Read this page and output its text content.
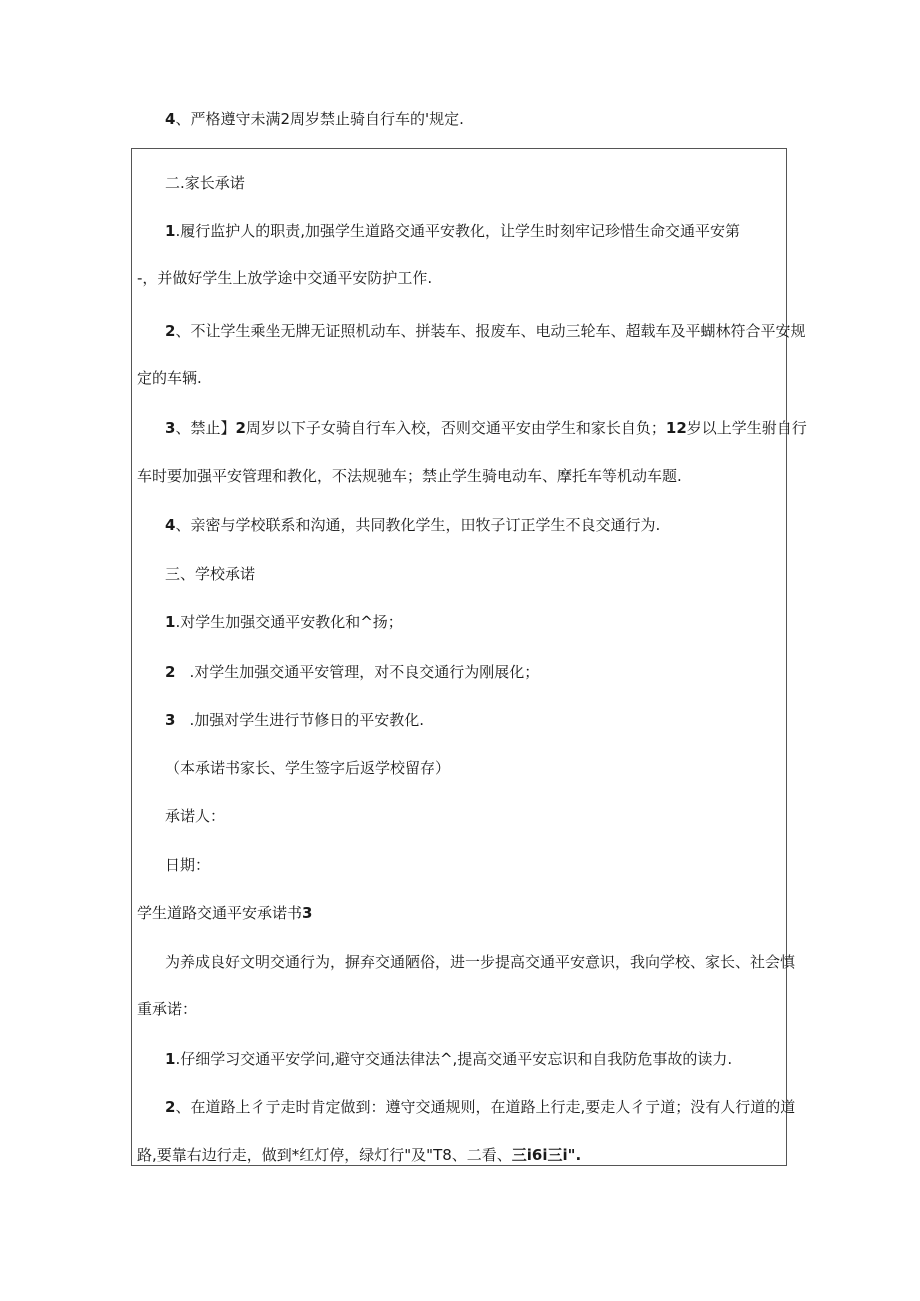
4、严格遵守未满2周岁禁止骑自行车的'规定.
二.家长承诺
1.履行监护人的职责,加强学生道路交通平安教化，让学生时刻牢记珍惜生命交通平安第
-，并做好学生上放学途中交通平安防护工作.
2、不让学生乘坐无牌无证照机动车、拼装车、报废车、电动三轮车、超载车及平蝴林符合平安规
定的车辆.
3、禁止】2周岁以下子女骑自行车入校，否则交通平安由学生和家长自负；12岁以上学生驸自行
车时要加强平安管理和教化，不法规驰车；禁止学生骑电动车、摩托车等机动车题.
4、亲密与学校联系和沟通，共同教化学生，田牧子订正学生不良交通行为.
三、学校承诺
1.对学生加强交通平安教化和^扬；
2 .对学生加强交通平安管理，对不良交通行为刚展化；
3 .加强对学生进行节修日的平安教化.
（本承诺书家长、学生签字后返学校留存）
承诺人：
日期：
学生道路交通平安承诺书3
为养成良好文明交通行为，摒弃交通陋俗，进一步提高交通平安意识，我向学校、家长、社会慎
重承诺：
1.仔细学习交通平安学问,避守交通法律法^,提高交通平安忘识和自我防危事故的读力.
2、在道路上彳亍走时肯定做到：遵守交通规则，在道路上行走,要走人彳亍道；没有人行道的道
路,要靠右边行走，做到*红灯停，绿灯行"及"T8、二看、三i6i三i".
